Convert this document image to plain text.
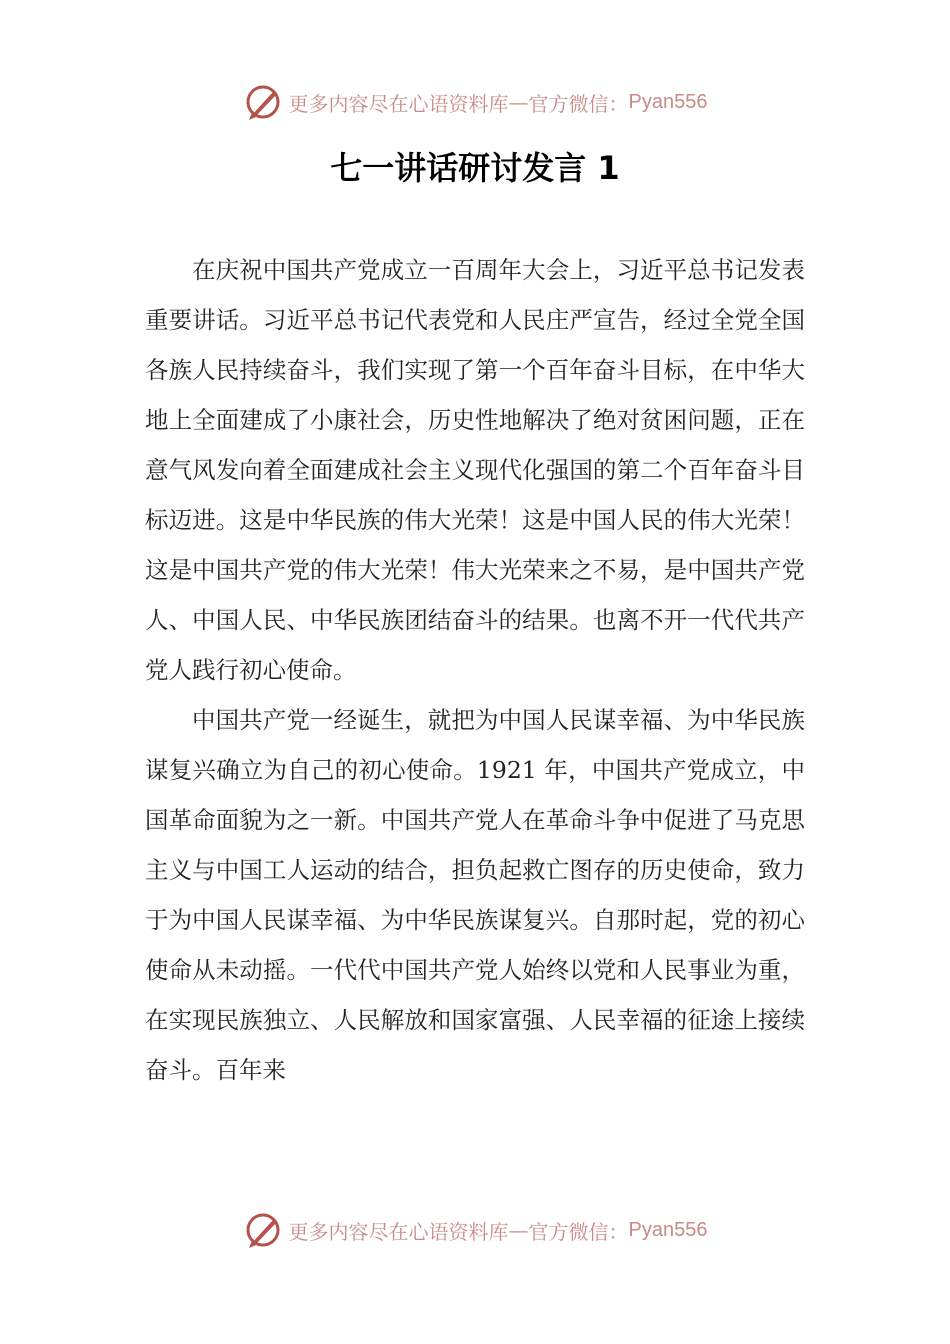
更多内容尽在心语资料库 — 官方微信： Pyan556
七一讲话研讨发言 1

在庆祝中国共产党成立一百周年大会上，习近平总书记发表重要讲话。习近平总书记代表党和人民庄严宣告，经过全党全国各族人民持续奋斗，我们实现了第一个百年奋斗目标，在中华大地上全面建成了小康社会，历史性地解决了绝对贫困问题，正在意气风发向着全面建成社会主义现代化强国的第二个百年奋斗目标迈进。这是中华民族的伟大光荣！这是中国人民的伟大光荣！这是中国共产党的伟大光荣！伟大光荣来之不易，是中国共产党人、中国人民、中华民族团结奋斗的结果。也离不开一代代共产党人践行初心使命。

中国共产党一经诞生，就把为中国人民谋幸福、为中华民族谋复兴确立为自己的初心使命。1921 年，中国共产党成立，中国革命面貌为之一新。中国共产党人在革命斗争中促进了马克思主义与中国工人运动的结合，担负起救亡图存的历史使命，致力于为中国人民谋幸福、为中华民族谋复兴。自那时起，党的初心使命从未动摇。一代代中国共产党人始终以党和人民事业为重，在实现民族独立、人民解放和国家富强、人民幸福的征途上接续奋斗。百年来

更多内容尽在心语资料库 — 官方微信： Pyan556
